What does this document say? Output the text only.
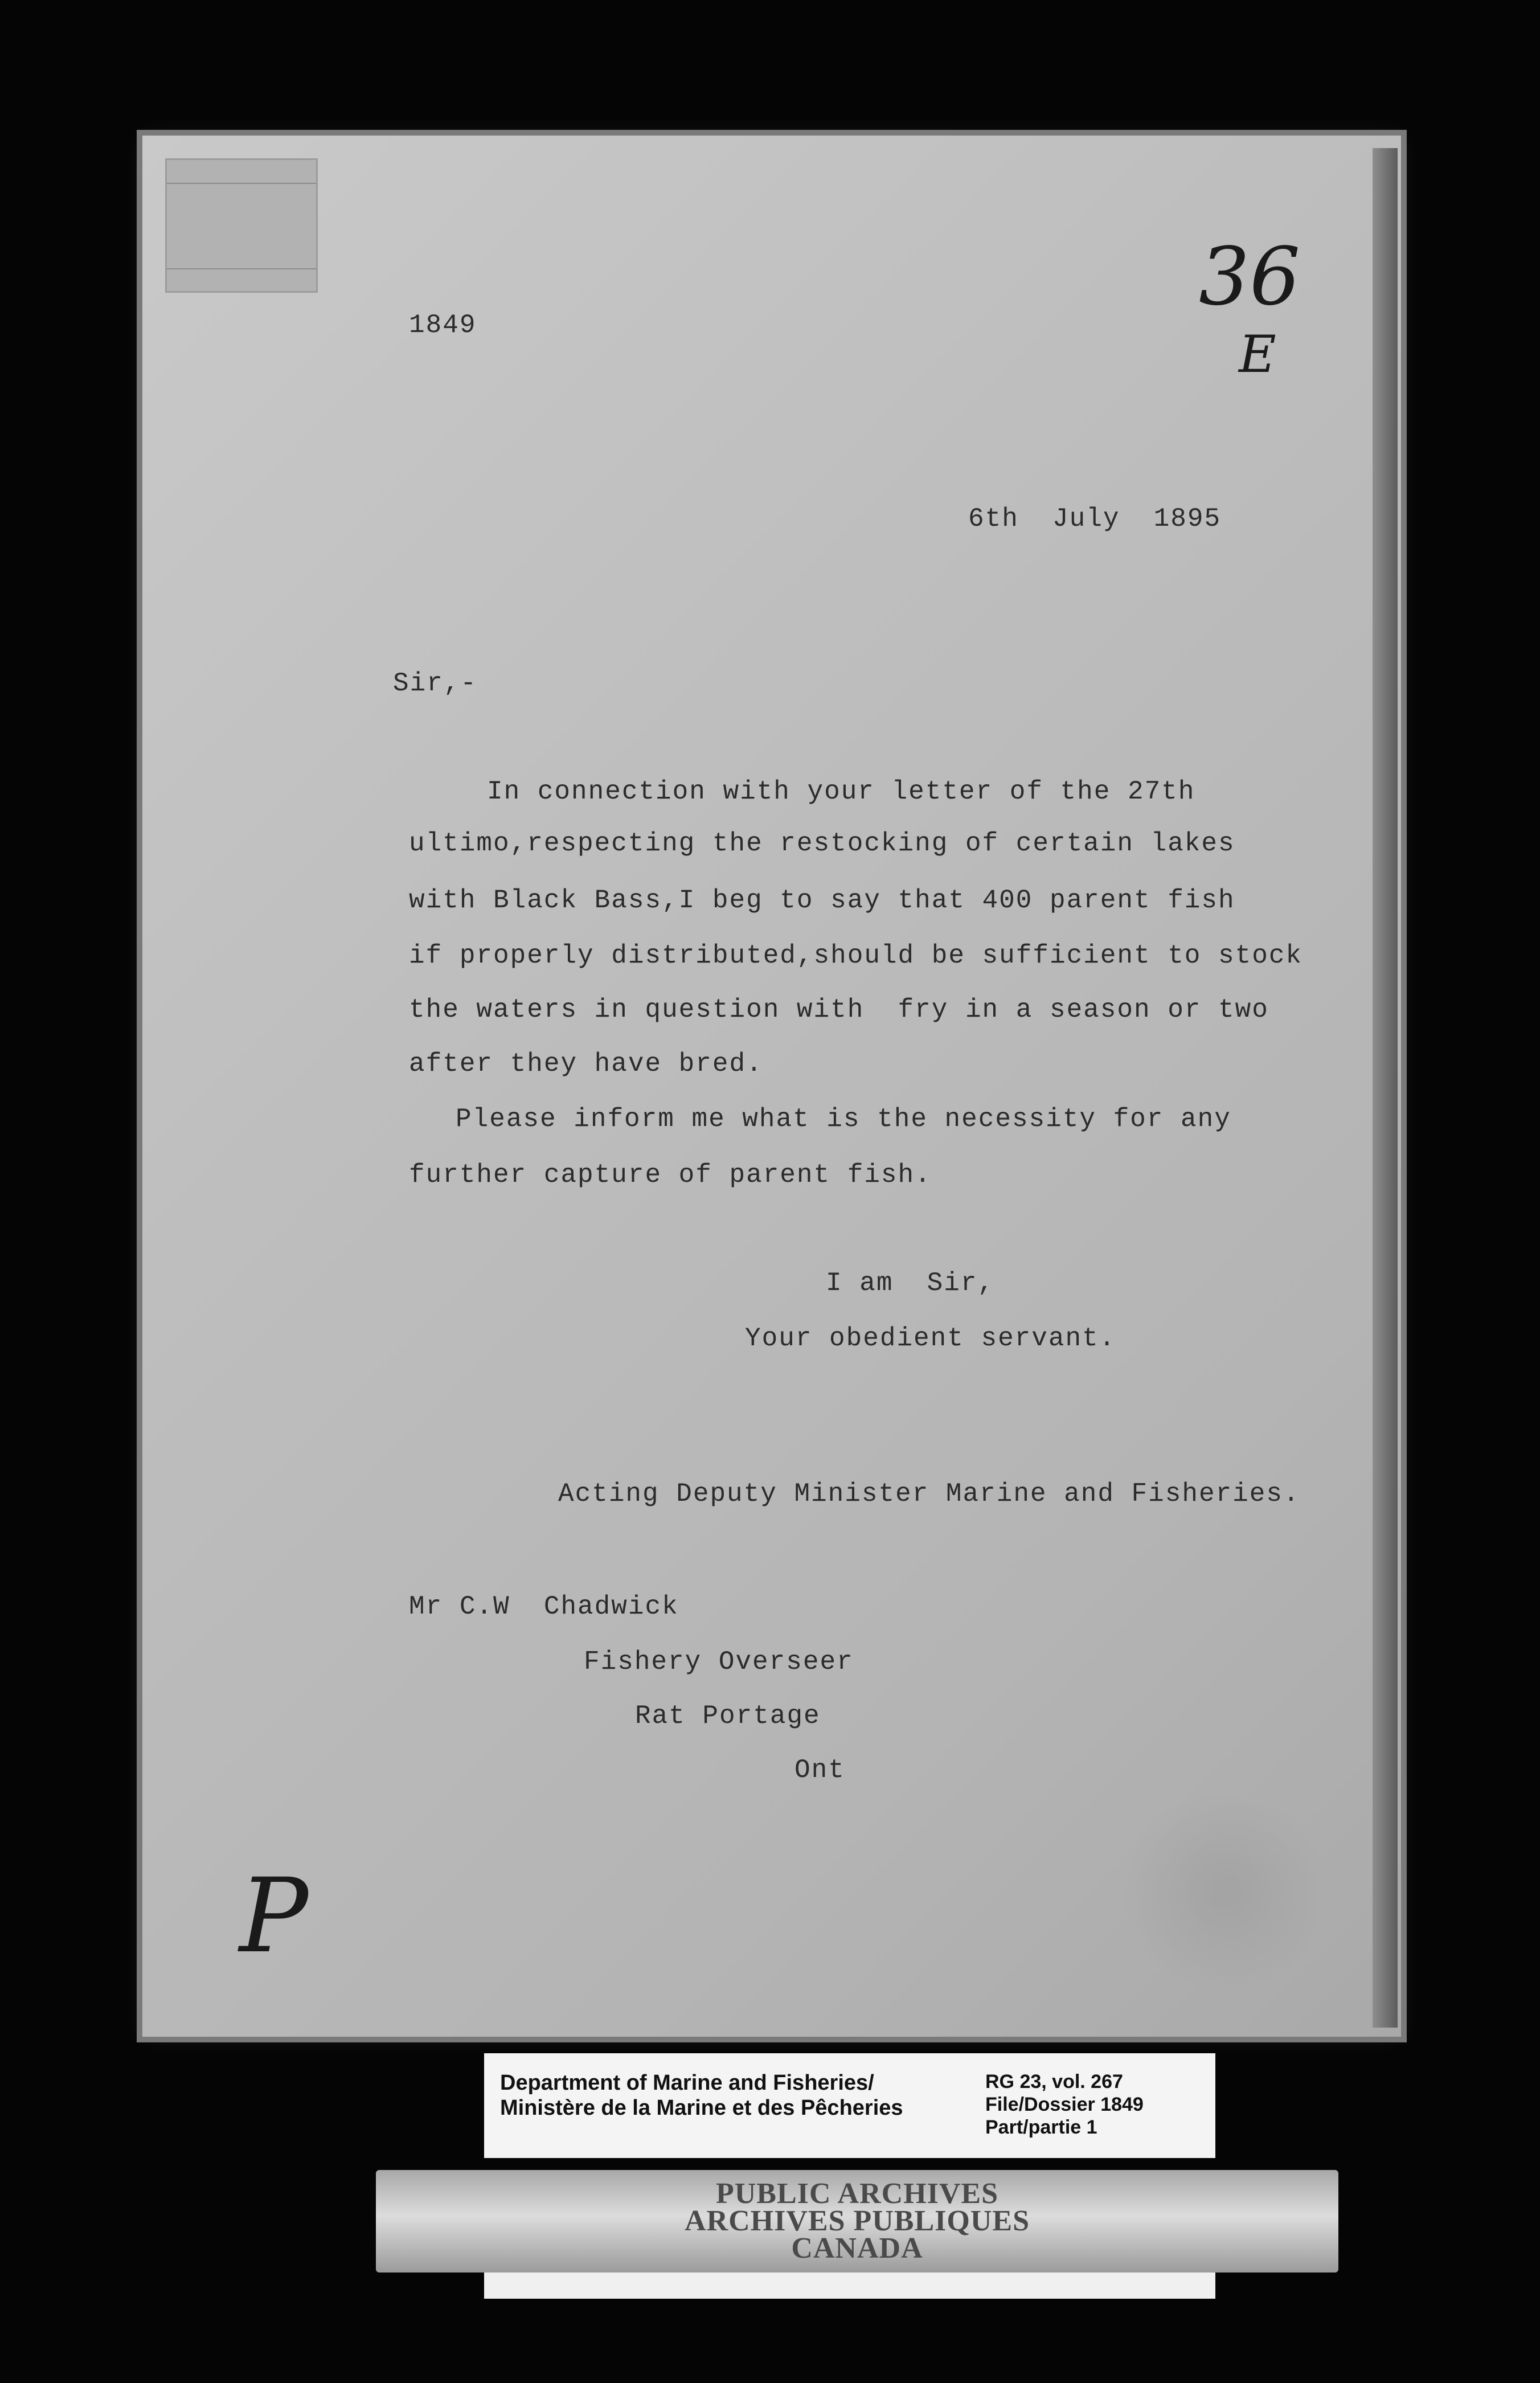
1849
36
E
6th  July  1895
Sir,-
In connection with your letter of the 27th
ultimo,respecting the restocking of certain lakes
with Black Bass,I beg to say that 400 parent fish
if properly distributed,should be sufficient to stock
the waters in question with  fry in a season or two
after they have bred.
Please inform me what is the necessity for any
further capture of parent fish.
I am  Sir,
Your obedient servant.
Acting Deputy Minister Marine and Fisheries.
Mr C.W  Chadwick
Fishery Overseer
Rat Portage
Ont
P
Department of Marine and Fisheries/
Ministère de la Marine et des Pêcheries
RG 23, vol. 267
File/Dossier 1849
Part/partie 1
PUBLIC ARCHIVES
ARCHIVES PUBLIQUES
CANADA
